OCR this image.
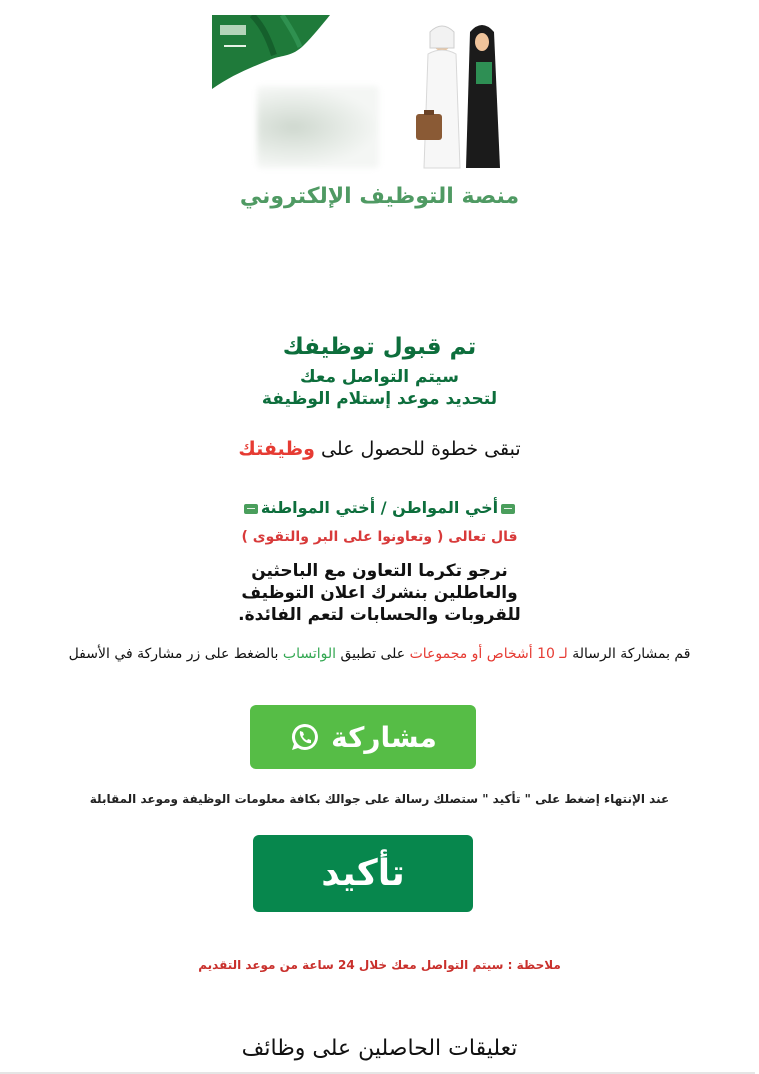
منصة التوظيف الإلكتروني
تم قبول توظيفك
سيتم التواصل معك
لتحديد موعد إستلام الوظيفة
تبقى خطوة للحصول على وظيفتك
أخي المواطن / أختي المواطنة
قال تعالى ( وتعاونوا على البر والتقوى )
نرجو تكرما التعاون مع الباحثين
والعاطلين بنشرك اعلان التوظيف
للقروبات والحسابات لتعم الفائدة.
قم بمشاركة الرسالة لـ 10 أشخاص أو مجموعات على تطبيق الواتساب بالضغط على زر مشاركة في الأسفل
مشاركة
عند الإنتهاء إضغط على " تأكيد " ستصلك رسالة على جوالك بكافة معلومات الوظيفة وموعد المقابلة
تأكيد
ملاحظة : سيتم التواصل معك خلال 24 ساعة من موعد التقديم
تعليقات الحاصلين على وظائف
